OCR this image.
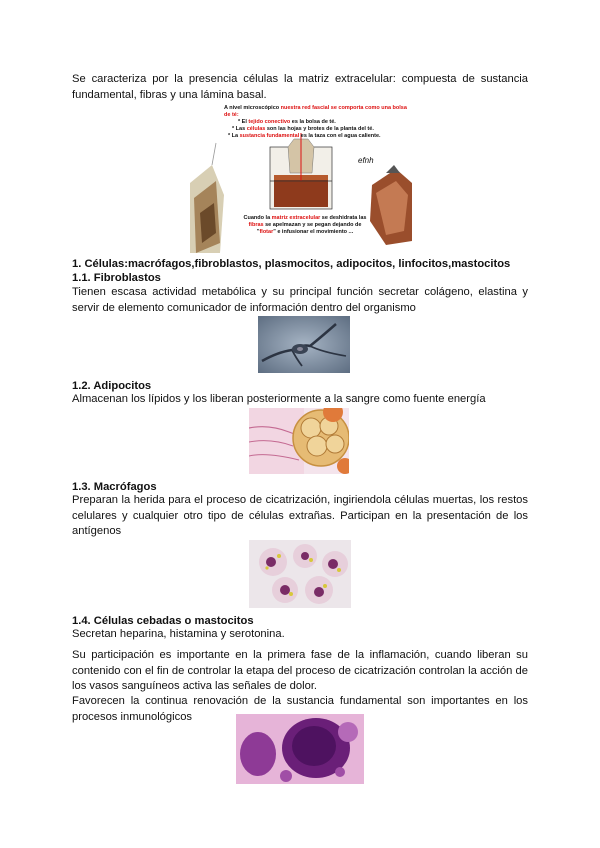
Se caracteriza por la presencia células la matriz extracelular: compuesta de sustancia fundamental, fibras y una lámina basal.

A nivel microscópico nuestra red fascial se comporta como una bolsa de té:
* El tejido conectivo es la bolsa de té.
* Las células son las hojas y brotes de la planta del té.
* La sustancia fundamental es la taza con el agua caliente.
efnh
Cuando la matriz extracelular se deshidrata las fibras se apelmazan y se pegan dejando de "flotar" e infusionar el movimiento ...

1. Células:macrófagos,fibroblastos, plasmocitos, adipocitos, linfocitos,mastocitos

1.1. Fibroblastos

Tienen escasa actividad metabólica y su principal función secretar colágeno, elastina y servir de elemento comunicador de información dentro del organismo

1.2. Adipocitos

Almacenan los lípidos y los liberan posteriormente a la sangre como fuente energía

1.3. Macrófagos

Preparan la herida para el proceso de cicatrización, ingiriendola células muertas, los restos celulares y cualquier otro tipo de células extrañas. Participan en la presentación de los antígenos

1.4. Células cebadas o mastocitos

Secretan heparina, histamina y serotonina.

Su participación es importante en la primera fase de la inflamación, cuando liberan su contenido con el fin de controlar la etapa del proceso de cicatrización controlan la acción de los vasos sanguíneos activa las señales de dolor.

Favorecen la continua renovación de la sustancia fundamental son importantes en los procesos inmunológicos
